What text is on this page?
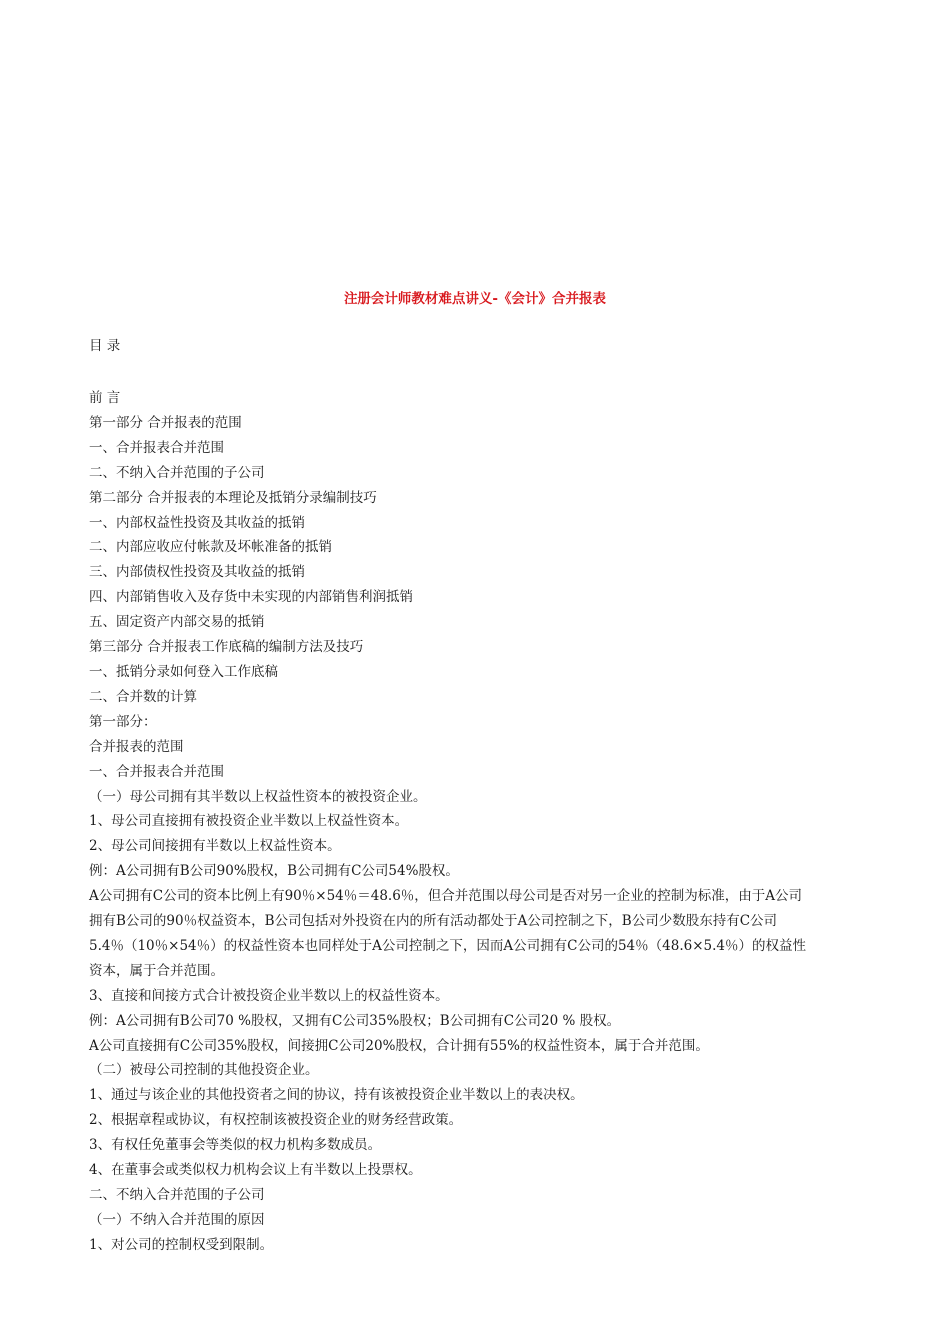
注册会计师教材难点讲义-《会计》合并报表
目 录
前 言
第一部分 合并报表的范围
一、合并报表合并范围
二、不纳入合并范围的子公司
第二部分 合并报表的本理论及抵销分录编制技巧
一、内部权益性投资及其收益的抵销
二、内部应收应付帐款及坏帐准备的抵销
三、内部债权性投资及其收益的抵销
四、内部销售收入及存货中未实现的内部销售利润抵销
五、固定资产内部交易的抵销
第三部分 合并报表工作底稿的编制方法及技巧
一、抵销分录如何登入工作底稿
二、合并数的计算
第一部分：
合并报表的范围
一、合并报表合并范围
（一）母公司拥有其半数以上权益性资本的被投资企业。
1、母公司直接拥有被投资企业半数以上权益性资本。
2、母公司间接拥有半数以上权益性资本。
例：A公司拥有B公司90%股权，B公司拥有C公司54%股权。
A公司拥有C公司的资本比例上有90％×54％＝48.6％，但合并范围以母公司是否对另一企业的控制为标准，由于A公司
拥有B公司的90％权益资本，B公司包括对外投资在内的所有活动都处于A公司控制之下，B公司少数股东持有C公司
5.4％（10％×54％）的权益性资本也同样处于A公司控制之下，因而A公司拥有C公司的54％（48.6×5.4％）的权益性
资本，属于合并范围。
3、直接和间接方式合计被投资企业半数以上的权益性资本。
例：A公司拥有B公司70 %股权，又拥有C公司35%股权；B公司拥有C公司20 % 股权。
A公司直接拥有C公司35%股权，间接拥C公司20%股权，合计拥有55%的权益性资本，属于合并范围。
（二）被母公司控制的其他投资企业。
1、通过与该企业的其他投资者之间的协议，持有该被投资企业半数以上的表决权。
2、根据章程或协议，有权控制该被投资企业的财务经营政策。
3、有权任免董事会等类似的权力机构多数成员。
4、在董事会或类似权力机构会议上有半数以上投票权。
二、不纳入合并范围的子公司
（一）不纳入合并范围的原因
1、对公司的控制权受到限制。
